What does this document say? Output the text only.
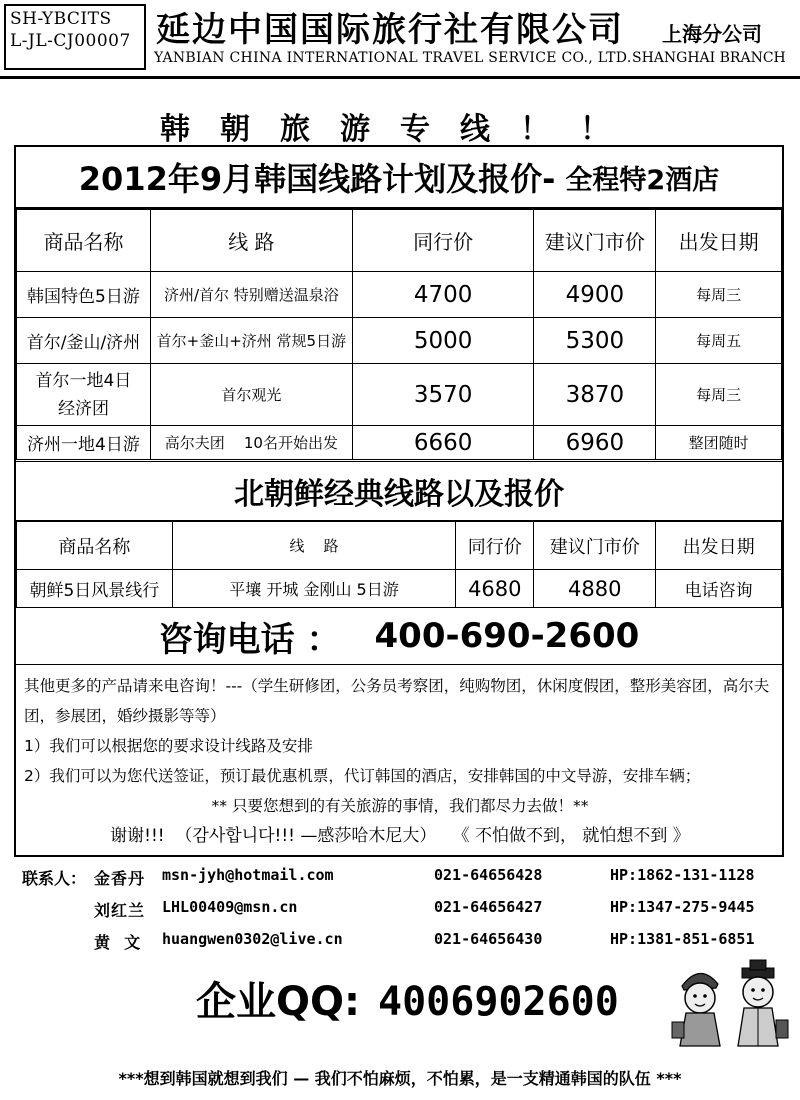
SH-YBCITS
L-JL-CJ00007 延边中国国际旅行社有限公司 上海分公司
YANBIAN CHINA INTERNATIONAL TRAVEL SERVICE CO., LTD. SHANGHAI BRANCH
韩朝旅游专线！！
2012年9月韩国线路计划及报价- 全程特2酒店
商品名称	线 路	同行价	建议门市价	出发日期
韩国特色5日游	济州/首尔 特别赠送温泉浴	4700	4900	每周三
首尔/釜山/济州	首尔+釜山+济州 常规5日游	5000	5300	每周五
首尔一地4日经济团	首尔观光	3570	3870	每周三
济州一地4日游	高尔夫团    10名开始出发	6660	6960	整团随时
北朝鲜经典线路以及报价
商品名称	线    路	同行价	建议门市价	出发日期
朝鲜5日风景线行	平壤 开城 金刚山 5日游	4680	4880	电话咨询
咨询电话 ： 400-690-2600
其他更多的产品请来电咨询！---（学生研修团，公务员考察团，纯购物团，休闲度假团，整形美容团，高尔夫
团，参展团，婚纱摄影等等）
1）我们可以根据您的要求设计线路及安排
2）我们可以为您代送签证，预订最优惠机票，代订韩国的酒店，安排韩国的中文导游，安排车辆；
** 只要您想到的有关旅游的事情，我们都尽力去做！**
谢谢!!!  （감사합니다!!! —感莎哈木尼大）   《 不怕做不到， 就怕想不到 》
联系人： 金香丹 msn-jyh@hotmail.com	021-64656428	HP:1862-131-1128
刘红兰 LHL00409@msn.cn	021-64656427	HP:1347-275-9445
黄  文 huangwen0302@live.cn	021-64656430	HP:1381-851-6851
企业QQ: 4006902600
***想到韩国就想到我们 — 我们不怕麻烦，不怕累，是一支精通韩国的队伍 ***
